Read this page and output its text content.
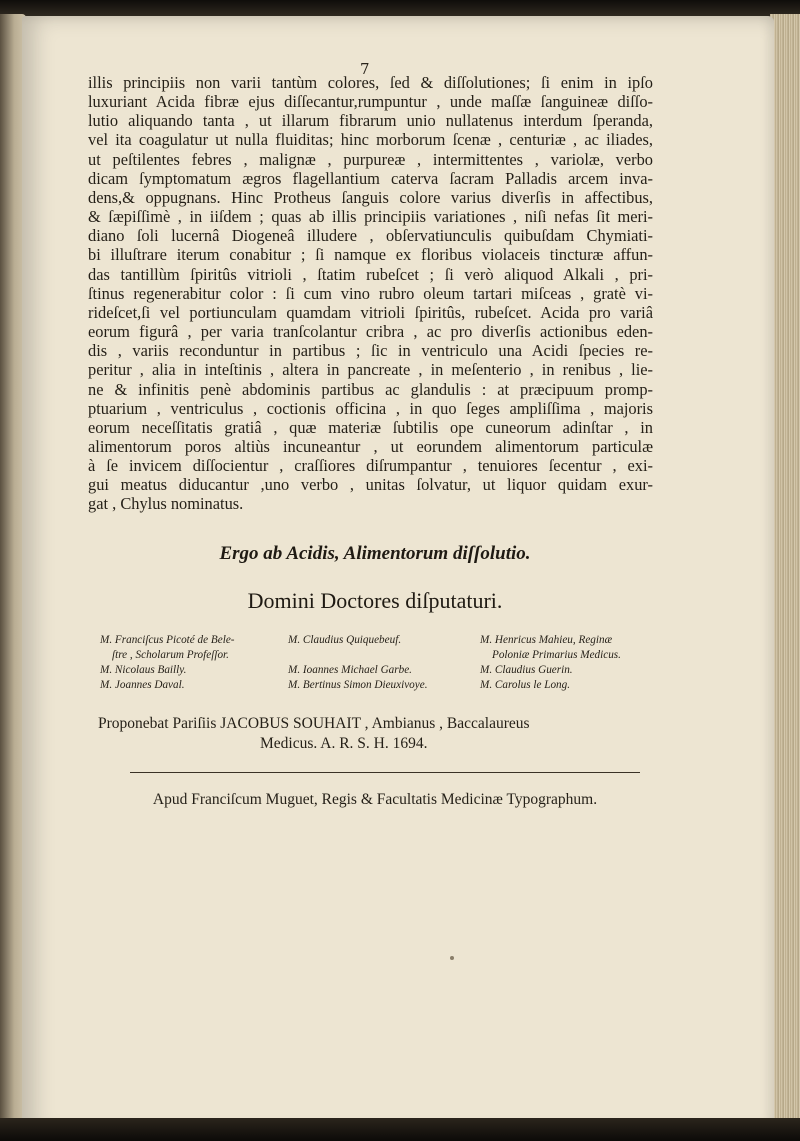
7
illis principiis non varii tantùm colores, ſed & diſſolutiones; ſi enim in ipſo
luxuriant Acida fibræ ejus diſſecantur,rumpuntur , unde maſſæ ſanguineæ diſſo-
lutio aliquando tanta , ut illarum fibrarum unio nullatenus interdum ſperanda,
vel ita coagulatur ut nulla fluiditas; hinc morborum ſcenæ , centuriæ , ac iliades,
ut peſtilentes febres , malignæ , purpureæ , intermittentes , variolæ, verbo
dicam ſymptomatum ægros flagellantium caterva ſacram Palladis arcem inva-
dens,& oppugnans. Hinc Protheus ſanguis colore varius diverſis in affectibus,
& ſæpiſſimè , in iiſdem ; quas ab illis principiis variationes , niſi nefas ſit meri-
diano ſoli lucernâ Diogeneâ illudere , obſervatiunculis quibuſdam Chymiati-
bi illuſtrare iterum conabitur ; ſi namque ex floribus violaceis tincturæ affun-
das tantillùm ſpiritûs vitrioli , ſtatim rubeſcet ; ſi verò aliquod Alkali , pri-
ſtinus regenerabitur color : ſi cum vino rubro oleum tartari miſceas , gratè vi-
rideſcet,ſi vel portiunculam quamdam vitrioli ſpiritûs, rubeſcet. Acida pro variâ
eorum figurâ , per varia tranſcolantur cribra , ac pro diverſis actionibus eden-
dis , variis reconduntur in partibus ; ſic in ventriculo una Acidi ſpecies re-
peritur , alia in inteſtinis , altera in pancreate , in meſenterio , in renibus , lie-
ne & infinitis penè abdominis partibus ac glandulis : at præcipuum promp-
ptuarium , ventriculus , coctionis officina , in quo ſeges ampliſſima , majoris
eorum neceſſitatis gratiâ , quæ materiæ ſubtilis ope cuneorum adinſtar , in
alimentorum poros altiùs incuneantur , ut eorundem alimentorum particulæ
à ſe invicem diſſocientur , craſſiores diſrumpantur , tenuiores ſecentur , exi-
gui meatus diducantur ,uno verbo , unitas ſolvatur, ut liquor quidam exur-
gat , Chylus nominatus.
Ergo ab Acidis, Alimentorum diſſolutio.
Domini Doctores diſputaturi.
M. Franciſcus Picoté de Bele-
ſtre , Scholarum Profeſſor.
M. Nicolaus Bailly.
M. Joannes Daval.
M. Claudius Quiquebeuf.
M. Ioannes Michael Garbe.
M. Bertinus Simon Dieuxivoye.
M. Henricus Mahieu, Reginæ
Poloniæ Primarius Medicus.
M. Claudius Guerin.
M. Carolus le Long.
Proponebat Pariſiis JACOBUS SOUHAIT , Ambianus , Baccalaureus
Medicus. A. R. S. H. 1694.
Apud Franciſcum Muguet, Regis & Facultatis Medicinæ Typographum.
